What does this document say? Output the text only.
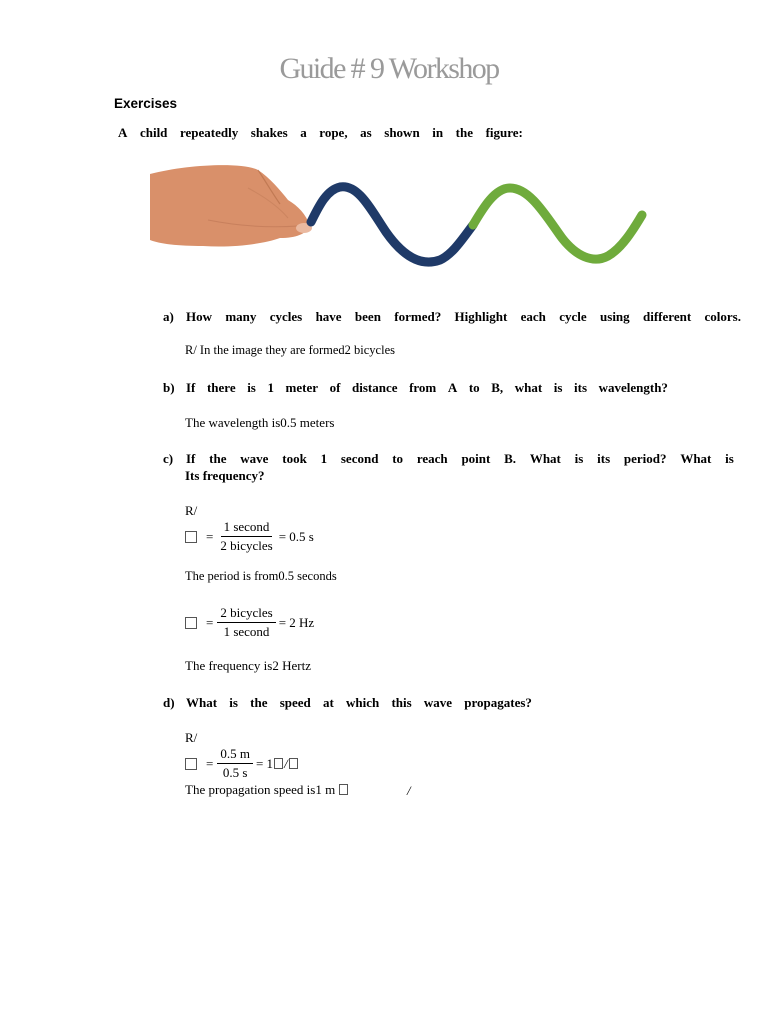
Guide # 9 Workshop
Exercises
A child repeatedly shakes a rope, as shown in the figure:
a) How many cycles have been formed? Highlight each cycle using different colors.
R/ In the image they are formed2 bicycles
b) If there is 1 meter of distance from A to B, what is its wavelength?
The wavelength is0.5 meters
c) If the wave took 1 second to reach point B. What is its period? What is
Its frequency?
R/
= $\frac{\text{1 second}}{\text{2 bicycles}} = 0.5$ s
The period is from0.5 seconds
= $\frac{\text{2 bicycles}}{\text{1 second}} = 2$ Hz
The frequency is2 Hertz
d) What is the speed at which this wave propagates?
R/
= $\frac{0.5 m}{0.5 s} = 1$ /
The propagation speed is1 m	/
